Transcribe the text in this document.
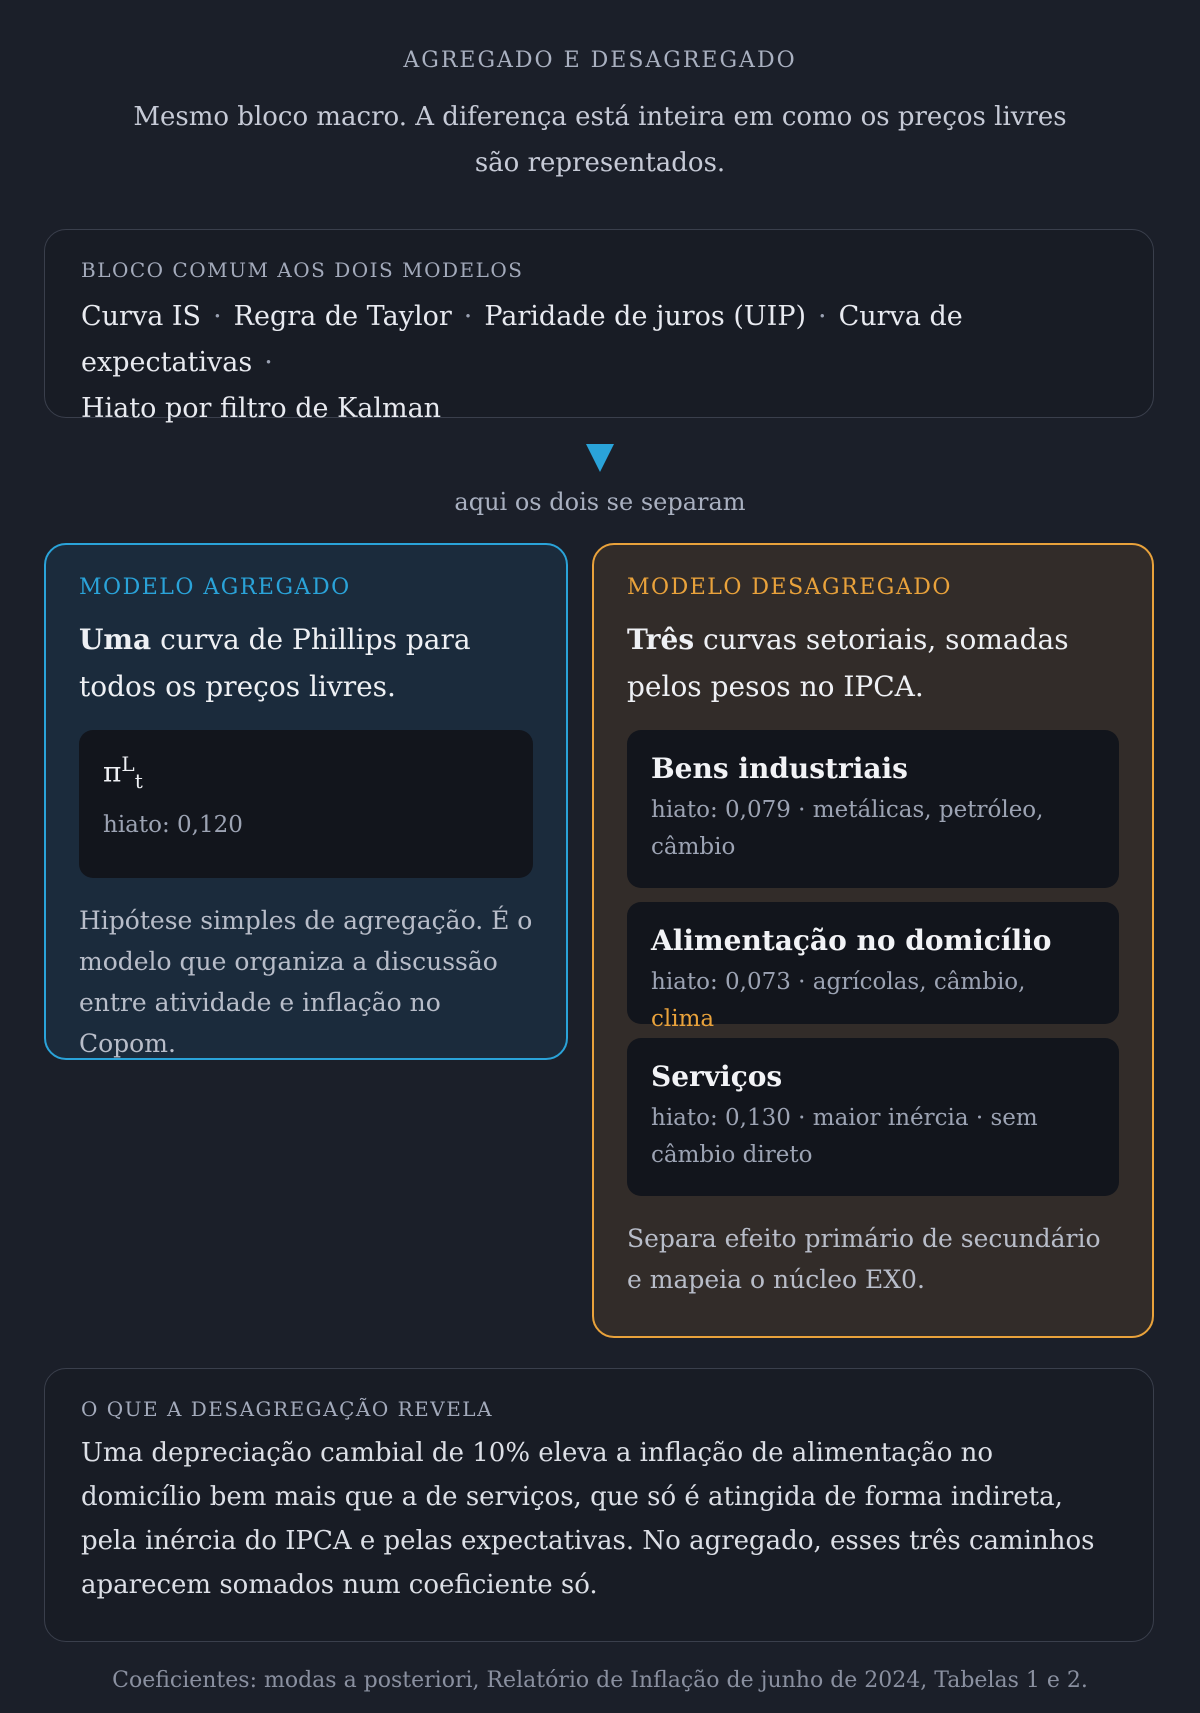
AGREGADO E DESAGREGADO
Mesmo bloco macro. A diferença está inteira em como os preços livres são representados.
BLOCO COMUM AOS DOIS MODELOS
Curva IS · Regra de Taylor · Paridade de juros (UIP) · Curva de expectativas ·
Hiato por filtro de Kalman
aqui os dois se separam
MODELO AGREGADO
Uma curva de Phillips para todos os preços livres.
$\pi^L_t$
hiato: 0,120
Hipótese simples de agregação. É o modelo que organiza a discussão entre atividade e inflação no Copom.
MODELO DESAGREGADO
Três curvas setoriais, somadas pelos pesos no IPCA.
Bens industriais
hiato: 0,079 · metálicas, petróleo, câmbio
Alimentação no domicílio
hiato: 0,073 · agrícolas, câmbio, clima
Serviços
hiato: 0,130 · maior inércia · sem câmbio direto
Separa efeito primário de secundário e mapeia o núcleo EX0.
O QUE A DESAGREGAÇÃO REVELA
Uma depreciação cambial de 10% eleva a inflação de alimentação no domicílio bem mais que a de serviços, que só é atingida de forma indireta, pela inércia do IPCA e pelas expectativas. No agregado, esses três caminhos aparecem somados num coeficiente só.
Coeficientes: modas a posteriori, Relatório de Inflação de junho de 2024, Tabelas 1 e 2.
